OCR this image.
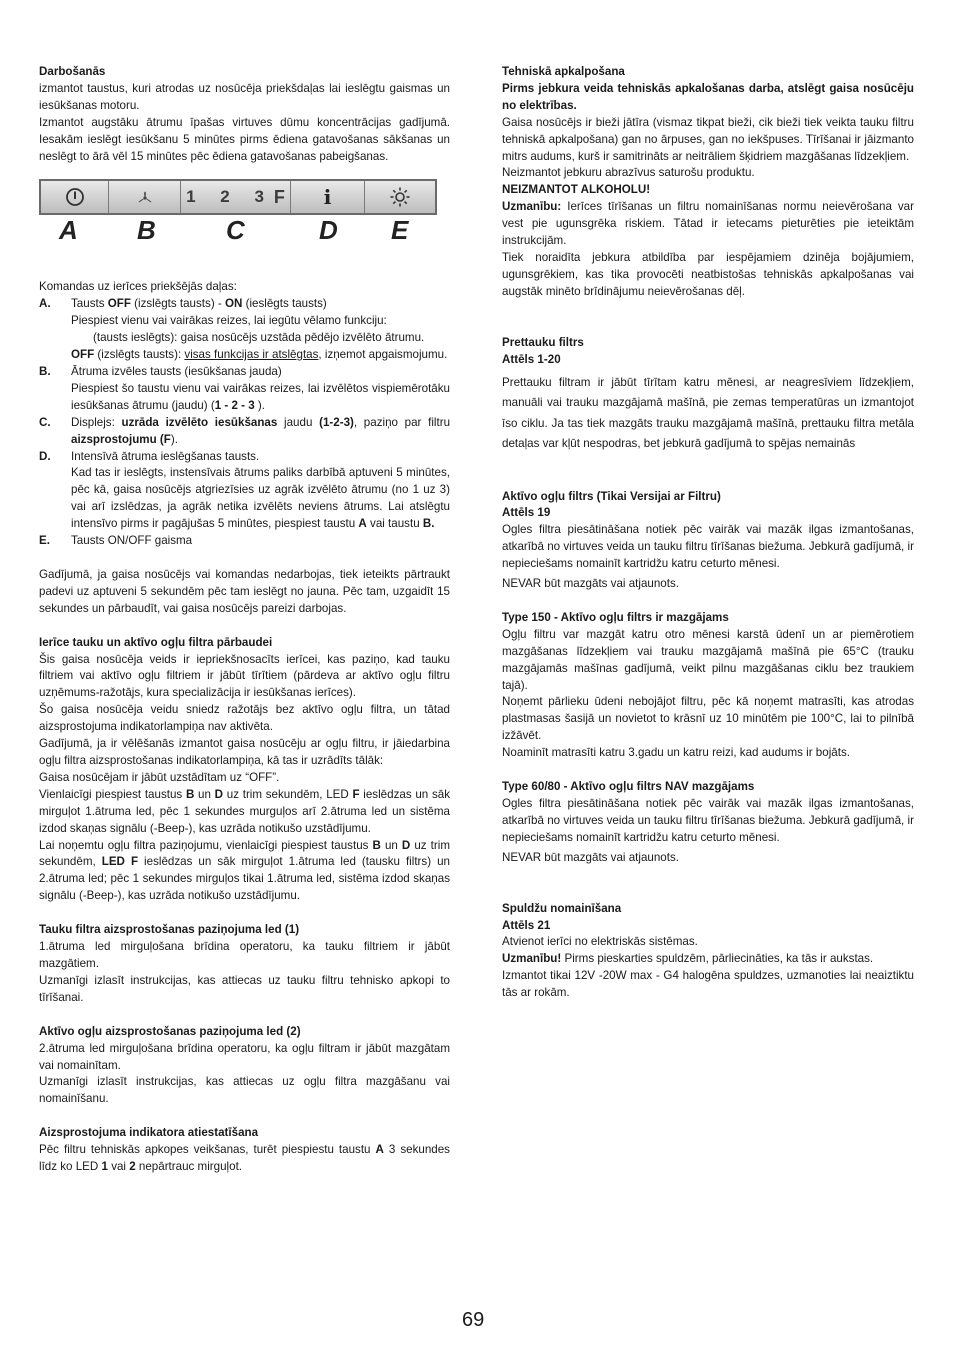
Darbošanās
izmantot taustus, kuri atrodas uz nosūcēja priekšdaļas lai ieslēgtu gaismas un iesūkšanas motoru.
Izmantot augstāku ātrumu īpašas virtuves dūmu koncentrācijas gadījumā. Iesakām ieslēgt iesūkšanu 5 minūtes pirms ēdiena gatavošanas sākšanas un neslēgt to ārā vēl 15 minūtes pēc ēdiena gatavošanas pabeigšanas.
1 2 3 F i
A B	C	D E
Komandas uz ierīces priekšējās daļas:
A.	Tausts OFF (izslēgts tausts) - ON (ieslēgts tausts)
Piespiest vienu vai vairākas reizes, lai iegūtu vēlamo funkciju:
(tausts ieslēgts): gaisa nosūcējs uzstāda pēdējo izvēlēto ātrumu.
OFF (izslēgts tausts): visas funkcijas ir atslēgtas, izņemot apgaismojumu.
B.	Ātruma izvēles tausts (iesūkšanas jauda)
Piespiest šo taustu vienu vai vairākas reizes, lai izvēlētos vispiemērotāku iesūkšanas ātrumu (jaudu) (1 - 2 - 3 ).
C.	Displejs: uzrāda izvēlēto iesūkšanas jaudu (1-2-3), paziņo par filtru aizsprostojumu (F).
D.	Intensīvā ātruma ieslēgšanas tausts.
Kad tas ir ieslēgts, instensīvais ātrums paliks darbībā aptuveni 5 minūtes, pēc kā, gaisa nosūcējs atgriezīsies uz agrāk izvēlēto ātrumu (no 1 uz 3) vai arī izslēdzas, ja agrāk netika izvēlēts neviens ātrums. Lai atslēgtu intensīvo pirms ir pagājušas 5 minūtes, piespiest taustu A vai taustu B.
E.	Tausts ON/OFF gaisma
Gadījumā, ja gaisa nosūcējs vai komandas nedarbojas, tiek ieteikts pārtraukt padevi uz aptuveni 5 sekundēm pēc tam ieslēgt no jauna. Pēc tam, uzgaidīt 15 sekundes un pārbaudīt, vai gaisa nosūcējs pareizi darbojas.
Ierīce tauku un aktīvo ogļu filtra pārbaudei
Šis gaisa nosūcēja veids ir iepriekšnosacīts ierīcei, kas paziņo, kad tauku filtriem vai aktīvo ogļu filtriem ir jābūt tīrītiem (pārdeva ar aktīvo ogļu filtru uzņēmums-ražotājs, kura specializācija ir iesūkšanas ierīces).
Šo gaisa nosūcēja veidu sniedz ražotājs bez aktīvo ogļu filtra, un tātad aizsprostojuma indikatorlampiņa nav aktivēta.
Gadījumā, ja ir vēlēšanās izmantot gaisa nosūcēju ar ogļu filtru, ir jāiedarbina ogļu filtra aizsprostošanas indikatorlampiņa, kā tas ir uzrādīts tālāk:
Gaisa nosūcējam ir jābūt uzstādītam uz “OFF”.
Vienlaicīgi piespiest taustus B un D uz trim sekundēm, LED F ieslēdzas un sāk mirguļot 1.ātruma led, pēc 1 sekundes murguļos arī 2.ātruma led un sistēma izdod skaņas signālu (-Beep-), kas uzrāda notikušo uzstādījumu.
Lai noņemtu ogļu filtra paziņojumu, vienlaicīgi piespiest taustus B un D uz trim sekundēm, LED F ieslēdzas un sāk mirguļot 1.ātruma led (tausku filtrs) un 2.ātruma led; pēc 1 sekundes mirguļos tikai 1.ātruma led, sistēma izdod skaņas signālu (-Beep-), kas uzrāda notikušo uzstādījumu.
Tauku filtra aizsprostošanas paziņojuma led (1)
1.ātruma led mirguļošana brīdina operatoru, ka tauku filtriem ir jābūt mazgātiem.
Uzmanīgi izlasīt instrukcijas, kas attiecas uz tauku filtru tehnisko apkopi to tīrīšanai.
Aktīvo ogļu aizsprostošanas paziņojuma led (2)
2.ātruma led mirguļošana brīdina operatoru, ka ogļu filtram ir jābūt mazgātam vai nomainītam.
Uzmanīgi izlasīt instrukcijas, kas attiecas uz ogļu filtra mazgāšanu vai nomainīšanu.
Aizsprostojuma indikatora atiestatīšana
Pēc filtru tehniskās apkopes veikšanas, turēt piespiestu taustu A 3 sekundes līdz ko LED 1 vai 2 nepārtrauc mirguļot.
Tehniskā apkalpošana
Pirms jebkura veida tehniskās apkalošanas darba, atslēgt gaisa nosūcēju no elektrības.
Gaisa nosūcējs ir bieži jātīra (vismaz tikpat bieži, cik bieži tiek veikta tauku filtru tehniskā apkalpošana) gan no ārpuses, gan no iekšpuses. Tīrīšanai ir jāizmanto mitrs audums, kurš ir samitrināts ar neitrāliem šķidriem mazgāšanas līdzekļiem.
Neizmantot jebkuru abrazīvus saturošu produktu.
NEIZMANTOT ALKOHOLU!
Uzmanību: Ierīces tīrīšanas un filtru nomainīšanas normu neievērošana var vest pie ugunsgrēka riskiem. Tātad ir ietecams pieturēties pie ieteiktām instrukcijām.
Tiek noraidīta jebkura atbildība par iespējamiem dzinēja bojājumiem, ugunsgrēkiem, kas tika provocēti neatbistošas tehniskās apkalpošanas vai augstāk minēto brīdinājumu neievērošanas dēļ.
Prettauku filtrs
Attēls 1-20
Prettauku filtram ir jābūt tīrītam katru mēnesi, ar neagresīviem līdzekļiem, manuāli vai trauku mazgājamā mašīnā, pie zemas temperatūras un izmantojot īso ciklu. Ja tas tiek mazgāts trauku mazgājamā mašīnā, prettauku filtra metāla detaļas var kļūt nespodras, bet jebkurā gadījumā to spējas nemainās
Aktīvo ogļu filtrs (Tikai Versijai ar Filtru)
Attēls 19
Ogles filtra piesātināšana notiek pēc vairāk vai mazāk ilgas izmantošanas, atkarībā no virtuves veida un tauku filtru tīrīšanas biežuma. Jebkurā gadījumā, ir nepieciešams nomainīt kartridžu katru ceturto mēnesi.
NEVAR būt mazgāts vai atjaunots.
Type 150 - Aktīvo ogļu filtrs ir mazgājams
Ogļu filtru var mazgāt katru otro mēnesi karstā ūdenī un ar piemērotiem mazgāšanas līdzekļiem vai trauku mazgājamā mašīnā pie 65°C (trauku mazgājamās mašīnas gadījumā, veikt pilnu mazgāšanas ciklu bez traukiem tajā).
Noņemt pārlieku ūdeni nebojājot filtru, pēc kā noņemt matrasīti, kas atrodas plastmasas šasijā un novietot to krāsnī uz 10 minūtēm pie 100°C, lai to pilnībā izžāvēt.
Noaminīt matrasīti katru 3.gadu un katru reizi, kad audums ir bojāts.
Type 60/80 - Aktīvo ogļu filtrs NAV mazgājams
Ogles filtra piesātināšana notiek pēc vairāk vai mazāk ilgas izmantošanas, atkarībā no virtuves veida un tauku filtru tīrīšanas biežuma. Jebkurā gadījumā, ir nepieciešams nomainīt kartridžu katru ceturto mēnesi.
NEVAR būt mazgāts vai atjaunots.
Spuldžu nomainīšana
Attēls 21
Atvienot ierīci no elektriskās sistēmas.
Uzmanību! Pirms pieskarties spuldzēm, pārliecināties, ka tās ir aukstas.
Izmantot tikai 12V -20W max - G4 halogēna spuldzes, uzmanoties lai neaiztiktu tās ar rokām.
69
